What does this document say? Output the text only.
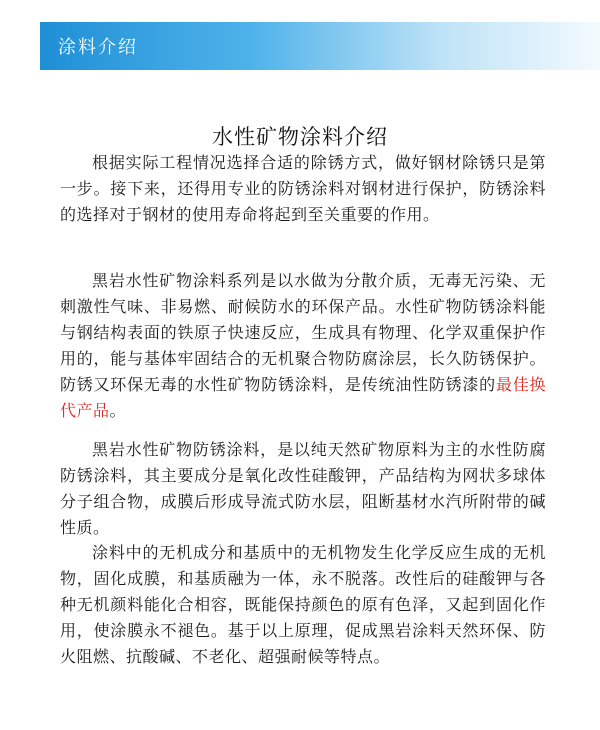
涂料介绍
水性矿物涂料介绍

根据实际工程情况选择合适的除锈方式，做好钢材除锈只是第一步。接下来，还得用专业的防锈涂料对钢材进行保护，防锈涂料的选择对于钢材的使用寿命将起到至关重要的作用。

黑岩水性矿物涂料系列是以水做为分散介质，无毒无污染、无刺激性气味、非易燃、耐候防水的环保产品。水性矿物防锈涂料能与钢结构表面的铁原子快速反应，生成具有物理、化学双重保护作用的，能与基体牢固结合的无机聚合物防腐涂层，长久防锈保护。防锈又环保无毒的水性矿物防锈涂料，是传统油性防锈漆的最佳换代产品。

黑岩水性矿物防锈涂料，是以纯天然矿物原料为主的水性防腐防锈涂料，其主要成分是氧化改性硅酸钾，产品结构为网状多球体分子组合物，成膜后形成导流式防水层，阻断基材水汽所附带的碱性质。

涂料中的无机成分和基质中的无机物发生化学反应生成的无机物，固化成膜，和基质融为一体，永不脱落。改性后的硅酸钾与各种无机颜料能化合相容，既能保持颜色的原有色泽，又起到固化作用，使涂膜永不褪色。基于以上原理，促成黑岩涂料天然环保、防火阻燃、抗酸碱、不老化、超强耐候等特点。
